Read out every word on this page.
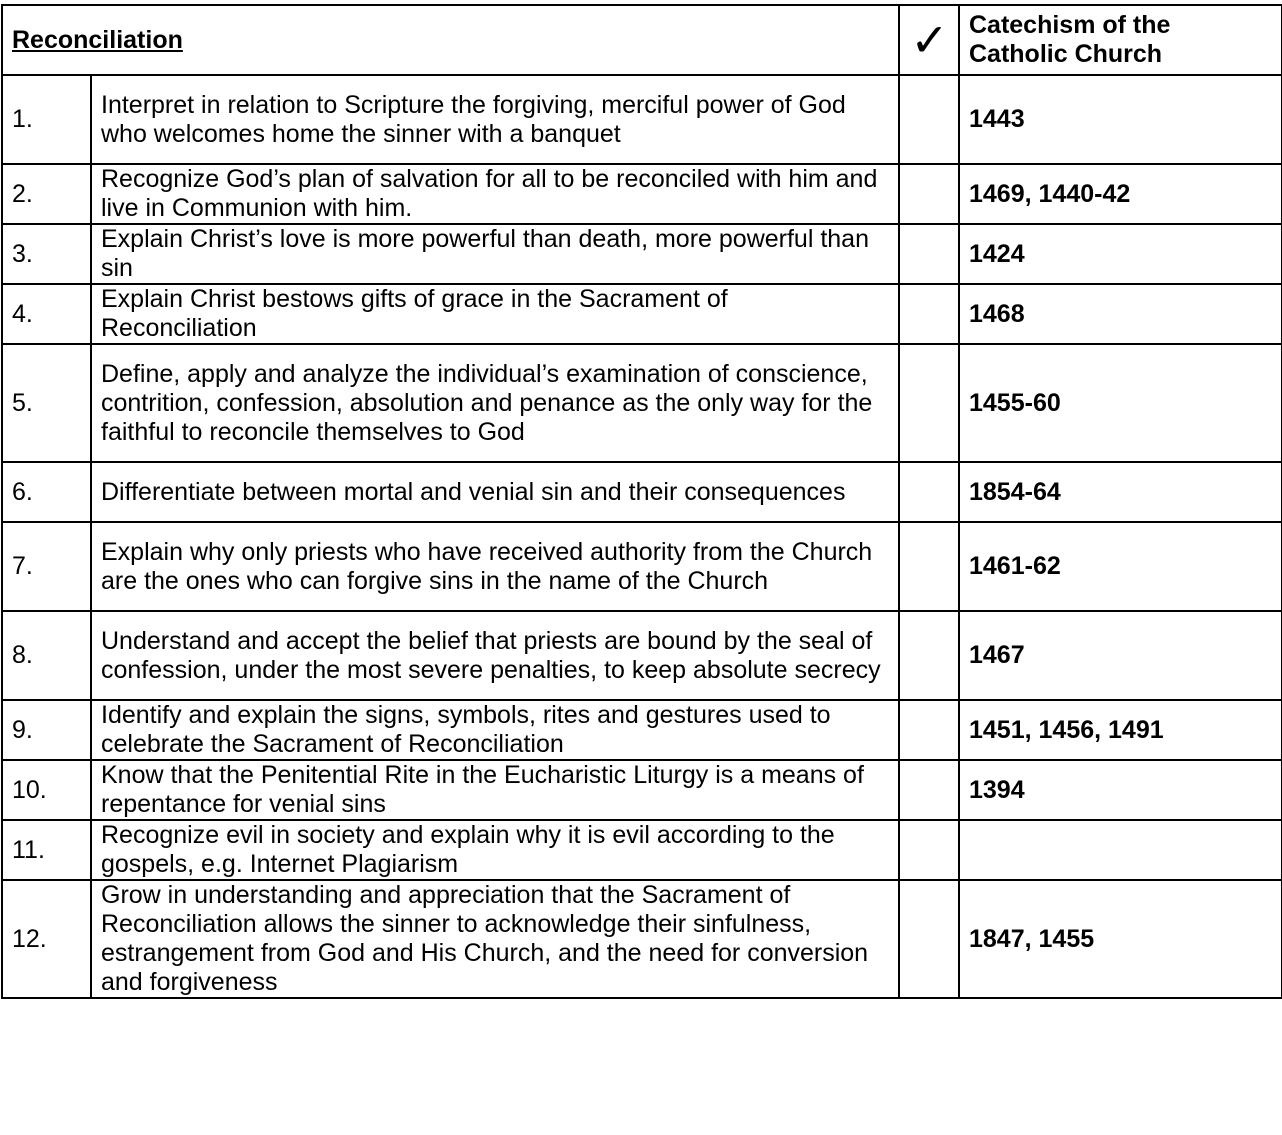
Reconciliation		✓	Catechism of the
Catholic Church
1.	Interpret in relation to Scripture the forgiving, merciful power of God who welcomes home the sinner with a banquet		1443
2.	Recognize God’s plan of salvation for all to be reconciled with him and live in Communion with him.		1469, 1440-42
3.	Explain Christ’s love is more powerful than death, more powerful than sin		1424
4.	Explain Christ bestows gifts of grace in the Sacrament of Reconciliation		1468
5.	Define, apply and analyze the individual’s examination of conscience, contrition, confession, absolution and penance as the only way for the faithful to reconcile themselves to God		1455-60
6.	Differentiate between mortal and venial sin and their consequences		1854-64
7.	Explain why only priests who have received authority from the Church are the ones who can forgive sins in the name of the Church		1461-62
8.	Understand and accept the belief that priests are bound by the seal of confession, under the most severe penalties, to keep absolute secrecy		1467
9.	Identify and explain the signs, symbols, rites and gestures used to celebrate the Sacrament of Reconciliation		1451, 1456, 1491
10.	Know that the Penitential Rite in the Eucharistic Liturgy is a means of repentance for venial sins		1394
11.	Recognize evil in society and explain why it is evil according to the gospels, e.g. Internet Plagiarism		
12.	Grow in understanding and appreciation that the Sacrament of Reconciliation allows the sinner to acknowledge their sinfulness, estrangement from God and His Church, and the need for conversion and forgiveness		1847, 1455
